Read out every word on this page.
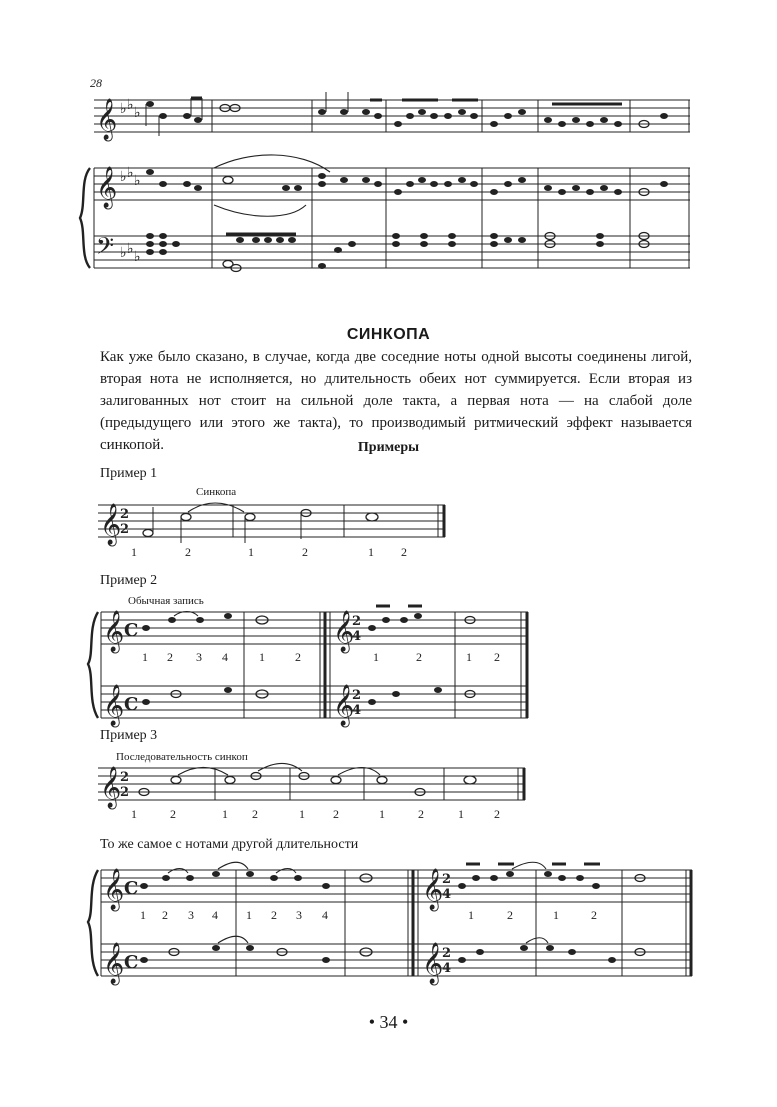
𝄞 ♭ ♭ ♭
𝄞 ♭ ♭ ♭
𝄢 ♭ ♭ ♭
𝄞
2
2
1	2	1	2	1 2
𝄞 C
𝄞 C
𝄞
2
4
𝄞
2
4
1 2 3 4	1	2	1	2	1 2
𝄞
2
2
1	2	1 2	1 2	1	2	1	2
𝄞 C
𝄞 C
𝄞
2
4
𝄞
2
4
1 2 3 4 1 2 3 4	1	2	1	2
28
СИНКОПА

Как уже было сказано, в случае, когда две соседние ноты одной высоты соединены лигой, вторая нота не исполняется, но длительность обеих нот суммируется. Если вторая из залигованных нот стоит на сильной доле такта, а первая нота — на слабой доле (предыдущего или этого же такта), то производимый ритмический эффект называется синкопой.	Примеры
Пример 1
Синкопа
Пример 2
Обычная запись
Пример 3
Последовательность синкоп
То же самое с нотами другой длительности
• 34 •
